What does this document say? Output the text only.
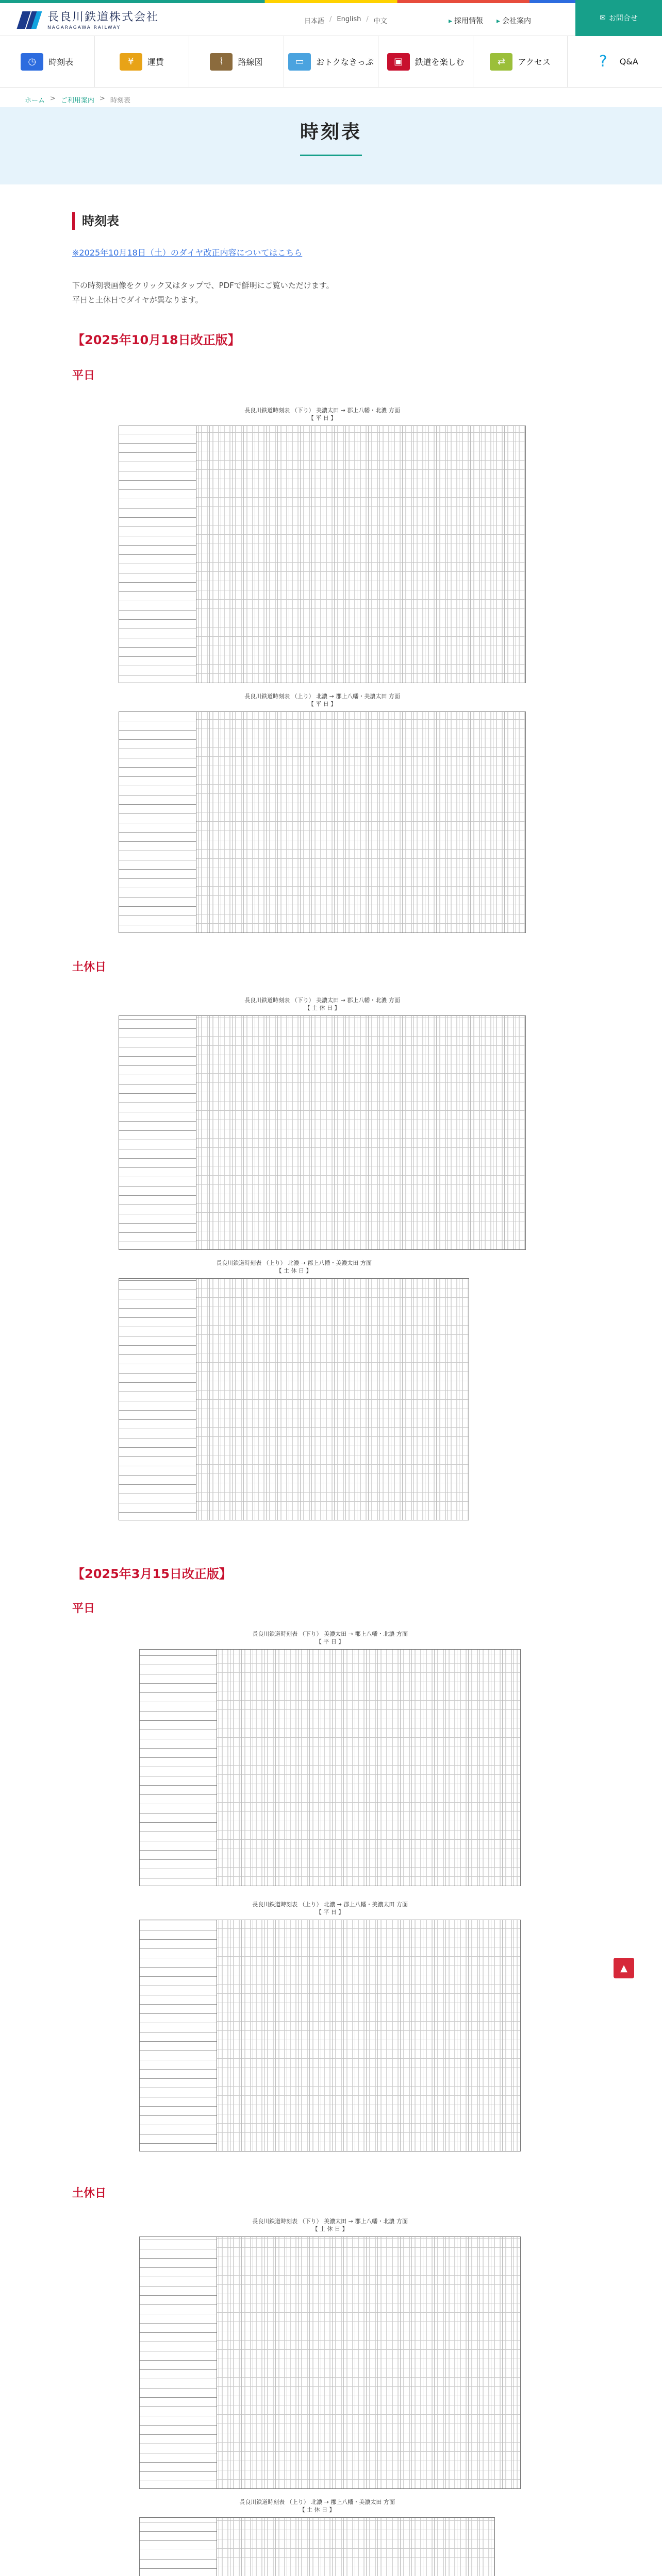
長良川鉄道株式会社
NAGARAGAWA RAILWAY
日本語 / English / 中文	▸ 採用情報 ▸ 会社案内	✉ お問合せ
◷	時刻表	¥	運賃	⌇	路線図	▭	おトクなきっぷ	▣	鉄道を楽しむ	⇄	アクセス	?	Q&A
ホーム > ご利用案内 > 時刻表
時刻表
時刻表
※2025年10月18日（土）のダイヤ改正内容についてはこちら
下の時刻表画像をクリック又はタップで、PDFで鮮明にご覧いただけます。
平日と土休日でダイヤが異なります。
【2025年10月18日改正版】
平日
長良川鉄道時刻表 （下り） 美濃太田 → 郡上八幡・北濃 方面
【 平 日 】
長良川鉄道時刻表 （上り） 北濃 → 郡上八幡・美濃太田 方面
【 平 日 】
土休日
長良川鉄道時刻表 （下り） 美濃太田 → 郡上八幡・北濃 方面
【 土 休 日 】
長良川鉄道時刻表 （上り） 北濃 → 郡上八幡・美濃太田 方面
【 土 休 日 】
【2025年3月15日改正版】
平日
長良川鉄道時刻表 （下り） 美濃太田 → 郡上八幡・北濃 方面
【 平 日 】
長良川鉄道時刻表 （上り） 北濃 → 郡上八幡・美濃太田 方面
【 平 日 】
土休日
長良川鉄道時刻表 （下り） 美濃太田 → 郡上八幡・北濃 方面
【 土 休 日 】
長良川鉄道時刻表 （上り） 北濃 → 郡上八幡・美濃太田 方面
【 土 休 日 】
▲
